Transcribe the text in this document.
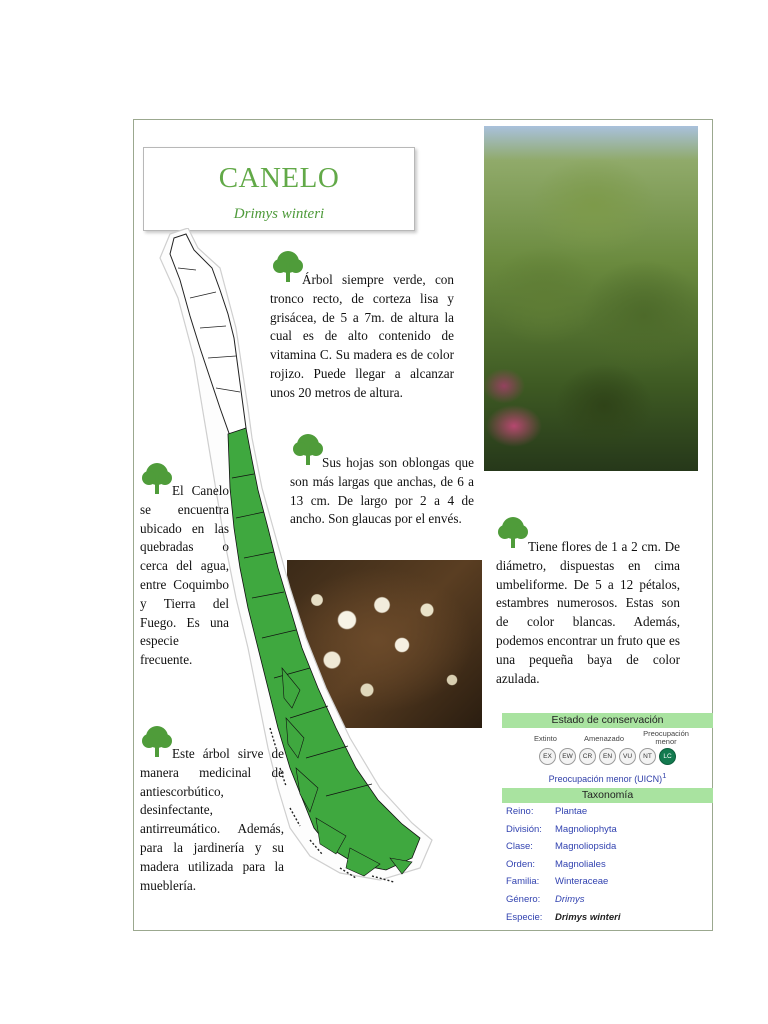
CANELO
Drimys winteri
Árbol siempre verde, con tronco recto, de corteza lisa y grisácea, de 5 a 7m. de altura la cual es de alto contenido de vitamina C. Su madera es de color rojizo. Puede llegar a alcanzar unos 20 metros de altura.
Sus hojas son oblongas que son más largas que anchas, de 6 a 13 cm. De largo por 2 a 4 de ancho. Son glaucas por el envés.
El Canelo se encuentra ubicado en las quebradas o cerca del agua, entre Coquimbo y Tierra del Fuego. Es una especie frecuente.
Tiene flores de 1 a 2 cm. De diámetro, dispuestas en cima umbeliforme. De 5 a 12 pétalos, estambres numerosos. Estas son de color blancas. Además, podemos encontrar un fruto que es una pequeña baya de color azulada.
Este árbol sirve de manera medicinal de antiescorbútico, desinfectante, antirreumático. Además, para la jardinería y su madera utilizada para la mueblería.
Estado de conservación
Extinto	Amenazado
Preocupación menor
EX	EW	CR	EN	VU	NT	LC
Preocupación menor (UICN)$^1$
Taxonomía
Reino:	Plantae
División:	Magnoliophyta
Clase:	Magnoliopsida
Orden:	Magnoliales
Familia:	Winteraceae
Género:	Drimys
Especie:	Drimys winteri
